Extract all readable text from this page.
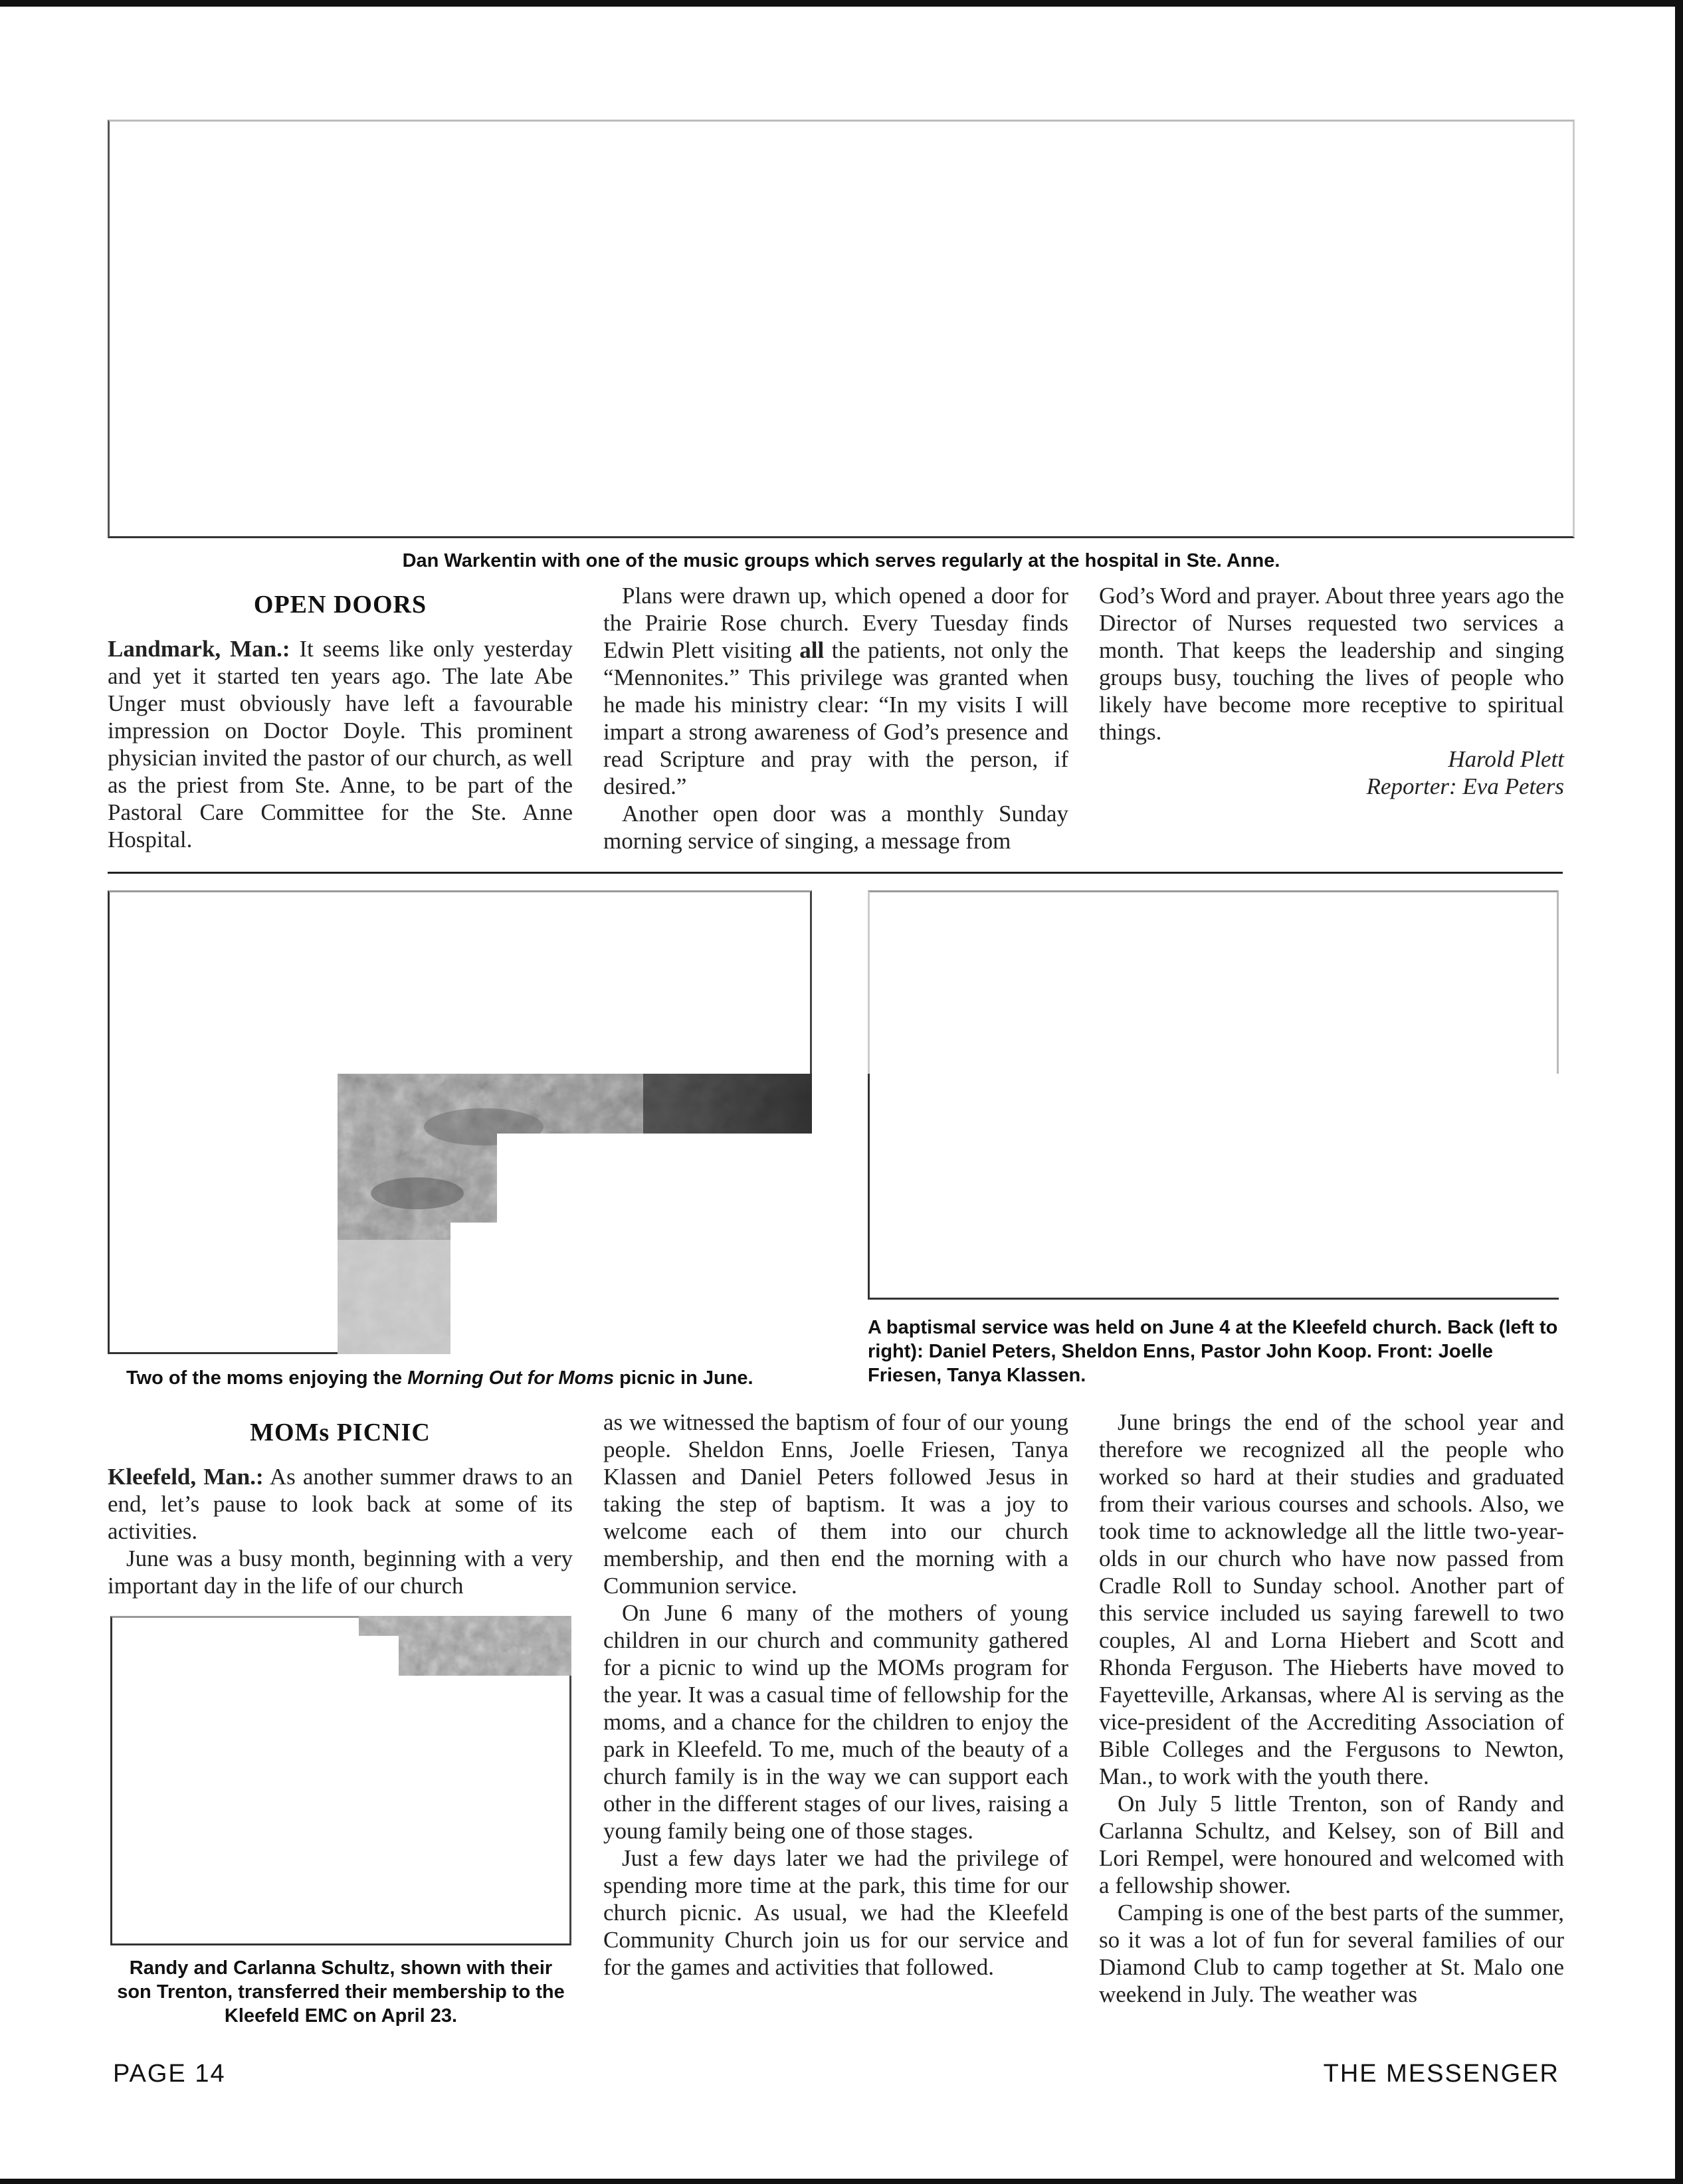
Dan Warkentin with one of the music groups which serves regularly at the hospital in Ste. Anne.
OPEN DOORS

Landmark, Man.: It seems like only yesterday and yet it started ten years ago. The late Abe Unger must obviously have left a favourable impression on Doctor Doyle. This prominent physician invited the pastor of our church, as well as the priest from Ste. Anne, to be part of the Pastoral Care Committee for the Ste. Anne Hospital.

Plans were drawn up, which opened a door for the Prairie Rose church. Every Tuesday finds Edwin Plett visiting all the patients, not only the “Mennonites.” This privilege was granted when he made his ministry clear: “In my visits I will impart a strong awareness of God’s presence and read Scripture and pray with the person, if desired.”

Another open door was a monthly Sunday morning service of singing, a message from

God’s Word and prayer. About three years ago the Director of Nurses requested two services a month. That keeps the leadership and singing groups busy, touching the lives of people who likely have become more receptive to spiritual things.

Harold Plett

Reporter: Eva Peters

Two of the moms enjoying the Morning Out for Moms picnic in June.
A baptismal service was held on June 4 at the Kleefeld church. Back (left to right): Daniel Peters, Sheldon Enns, Pastor John Koop. Front: Joelle Friesen, Tanya Klassen.
MOMs PICNIC

Kleefeld, Man.: As another summer draws to an end, let’s pause to look back at some of its activities.

June was a busy month, beginning with a very important day in the life of our church

Randy and Carlanna Schultz, shown with their son Trenton, transferred their membership to the Kleefeld EMC on April 23.

as we witnessed the baptism of four of our young people. Sheldon Enns, Joelle Friesen, Tanya Klassen and Daniel Peters followed Jesus in taking the step of baptism. It was a joy to welcome each of them into our church membership, and then end the morning with a Communion service.

On June 6 many of the mothers of young children in our church and community gathered for a picnic to wind up the MOMs program for the year. It was a casual time of fellowship for the moms, and a chance for the children to enjoy the park in Kleefeld. To me, much of the beauty of a church family is in the way we can support each other in the different stages of our lives, raising a young family being one of those stages.

Just a few days later we had the privilege of spending more time at the park, this time for our church picnic. As usual, we had the Kleefeld Community Church join us for our service and for the games and activities that followed.

June brings the end of the school year and therefore we recognized all the people who worked so hard at their studies and graduated from their various courses and schools. Also, we took time to acknowledge all the little two-year-olds in our church who have now passed from Cradle Roll to Sunday school. Another part of this service included us saying farewell to two couples, Al and Lorna Hiebert and Scott and Rhonda Ferguson. The Hieberts have moved to Fayetteville, Arkansas, where Al is serving as the vice-president of the Accrediting Association of Bible Colleges and the Fergusons to Newton, Man., to work with the youth there.

On July 5 little Trenton, son of Randy and Carlanna Schultz, and Kelsey, son of Bill and Lori Rempel, were honoured and welcomed with a fellowship shower.

Camping is one of the best parts of the summer, so it was a lot of fun for several families of our Diamond Club to camp together at St. Malo one weekend in July. The weather was

PAGE 14	THE MESSENGER
